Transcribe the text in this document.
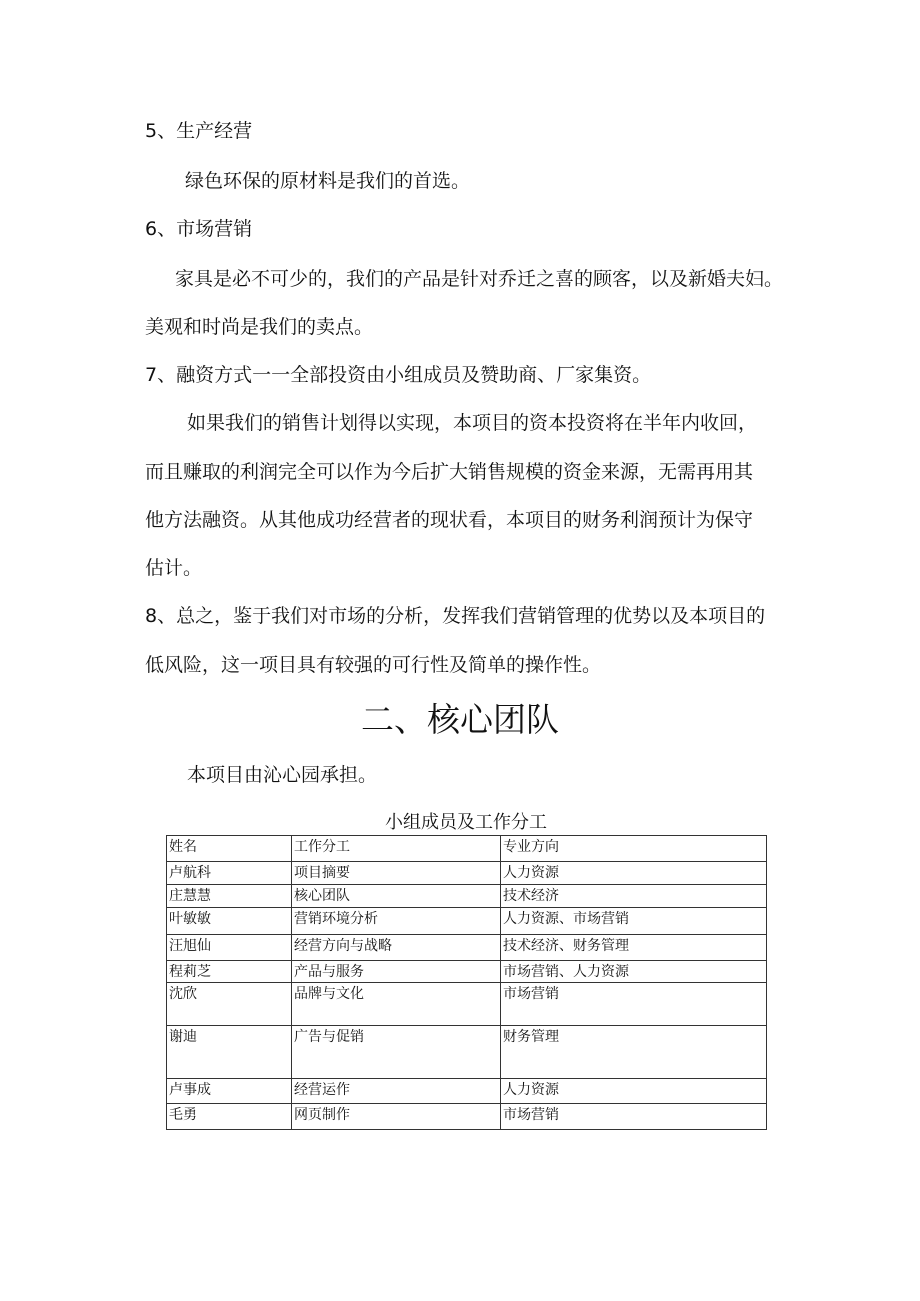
5、生产经营
绿色环保的原材料是我们的首选。
6、市场营销
家具是必不可少的，我们的产品是针对乔迁之喜的顾客，以及新婚夫妇。
美观和时尚是我们的卖点。
7、融资方式一一全部投资由小组成员及赞助商、厂家集资。
如果我们的销售计划得以实现，本项目的资本投资将在半年内收回，
而且赚取的利润完全可以作为今后扩大销售规模的资金来源，无需再用其
他方法融资。从其他成功经营者的现状看，本项目的财务利润预计为保守
估计。
8、总之，鉴于我们对市场的分析，发挥我们营销管理的优势以及本项目的
低风险，这一项目具有较强的可行性及简单的操作性。
二、核心团队
本项目由沁心园承担。
小组成员及工作分工
姓名	工作分工	专业方向
卢航科	项目摘要	人力资源
庄慧慧	核心团队	技术经济
叶敏敏	营销环境分析	人力资源、市场营销
汪旭仙	经营方向与战略	技术经济、财务管理
程莉芝	产品与服务	市场营销、人力资源
沈欣	品牌与文化	市场营销
谢迪	广告与促销	财务管理
卢事成	经营运作	人力资源
毛勇	网页制作	市场营销
